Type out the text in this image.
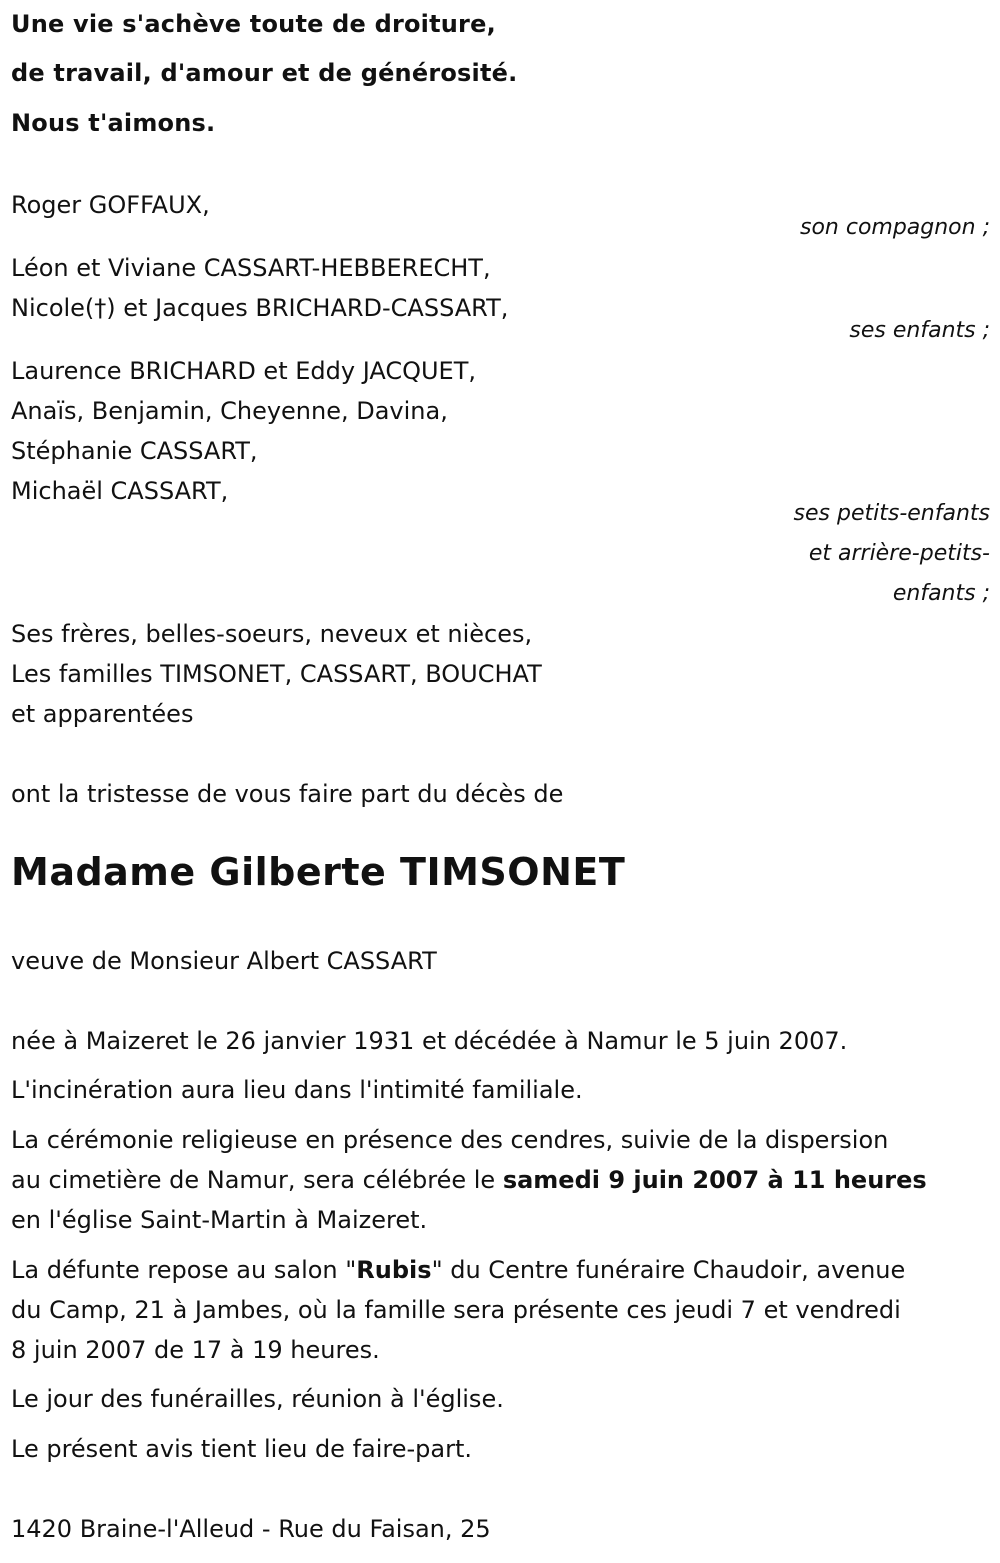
Une vie s'achève toute de droiture,
de travail, d'amour et de générosité.
Nous t'aimons.
Roger GOFFAUX,
son compagnon ;
Léon et Viviane CASSART-HEBBERECHT,
Nicole(†) et Jacques BRICHARD-CASSART,
ses enfants ;
Laurence BRICHARD et Eddy JACQUET,
Anaïs, Benjamin, Cheyenne, Davina,
Stéphanie CASSART,
Michaël CASSART,
ses petits-enfants
et arrière-petits-
enfants ;
Ses frères, belles-soeurs, neveux et nièces,
Les familles TIMSONET, CASSART, BOUCHAT
et apparentées
ont la tristesse de vous faire part du décès de
Madame Gilberte TIMSONET
veuve de Monsieur Albert CASSART
née à Maizeret le 26 janvier 1931 et décédée à Namur le 5 juin 2007.
L'incinération aura lieu dans l'intimité familiale.
La cérémonie religieuse en présence des cendres, suivie de la dispersion
au cimetière de Namur, sera célébrée le samedi 9 juin 2007 à 11 heures
en l'église Saint-Martin à Maizeret.
La défunte repose au salon "Rubis" du Centre funéraire Chaudoir, avenue
du Camp, 21 à Jambes, où la famille sera présente ces jeudi 7 et vendredi
8 juin 2007 de 17 à 19 heures.
Le jour des funérailles, réunion à l'église.
Le présent avis tient lieu de faire-part.
1420 Braine-l'Alleud - Rue du Faisan, 25
